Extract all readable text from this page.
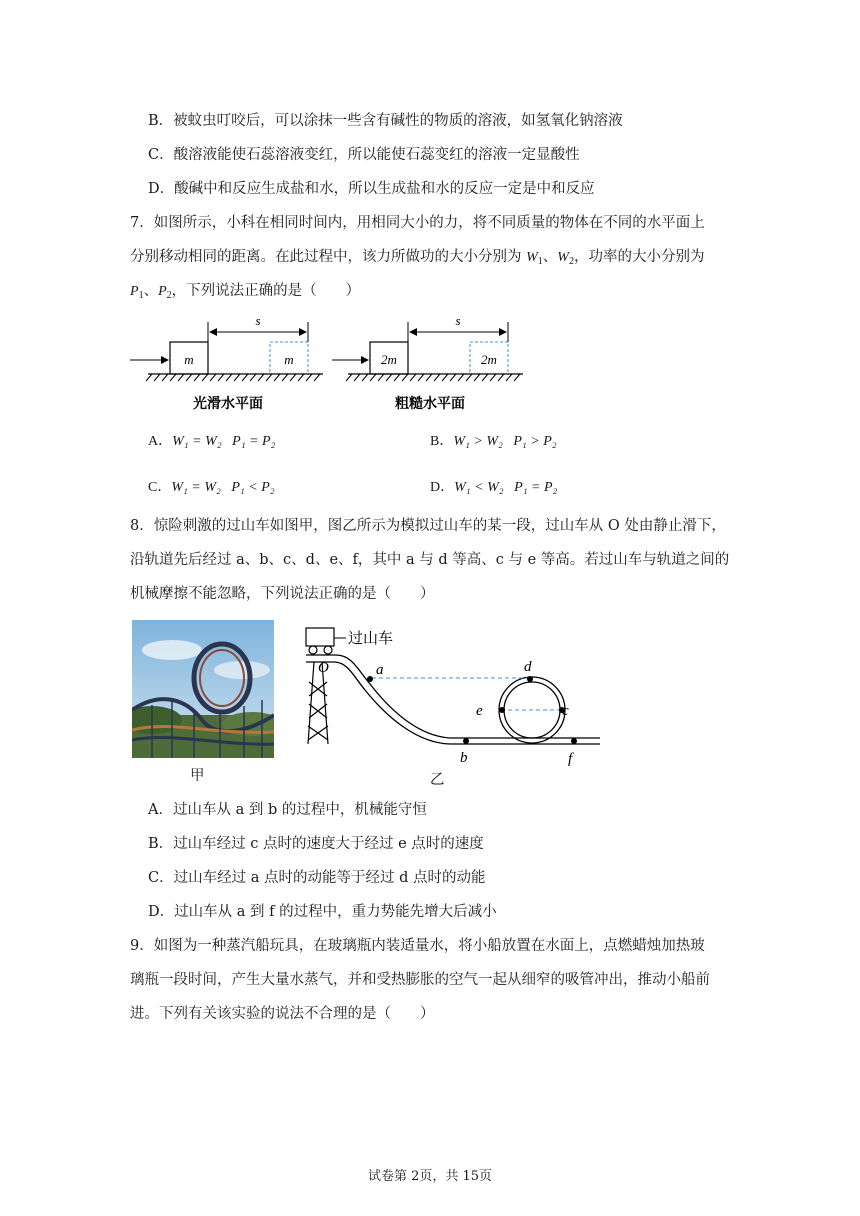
B．被蚊虫叮咬后，可以涂抹一些含有碱性的物质的溶液，如氢氧化钠溶液
C．酸溶液能使石蕊溶液变红，所以能使石蕊变红的溶液一定显酸性
D．酸碱中和反应生成盐和水，所以生成盐和水的反应一定是中和反应
7．如图所示，小科在相同时间内，用相同大小的力，将不同质量的物体在不同的水平面上
分别移动相同的距离。在此过程中，该力所做功的大小分别为 $W_1$、$W_2$，功率的大小分别为
$P_1$、$P_2$，下列说法正确的是（　　）
m	m
s
光滑水平面
2m	2m
s
粗糙水平面
A．W₁ = W₂ P₁ = P₂	B．W₁ > W₂ P₁ > P₂
C．W₁ = W₂ P₁ < P₂	D．W₁ < W₂ P₁ = P₂
8．惊险刺激的过山车如图甲，图乙所示为模拟过山车的某一段，过山车从 O 处由静止滑下，
沿轨道先后经过 a、b、c、d、e、f，其中 a 与 d 等高、c 与 e 等高。若过山车与轨道之间的
机械摩擦不能忽略，下列说法正确的是（　　）
甲
过山车
O	a
b
c
d
e
f
乙
A．过山车从 a 到 b 的过程中，机械能守恒
B．过山车经过 c 点时的速度大于经过 e 点时的速度
C．过山车经过 a 点时的动能等于经过 d 点时的动能
D．过山车从 a 到 f 的过程中，重力势能先增大后减小
9．如图为一种蒸汽船玩具，在玻璃瓶内装适量水，将小船放置在水面上，点燃蜡烛加热玻
璃瓶一段时间，产生大量水蒸气，并和受热膨胀的空气一起从细窄的吸管冲出，推动小船前
进。下列有关该实验的说法不合理的是（　　）
试卷第 2页，共 15页
